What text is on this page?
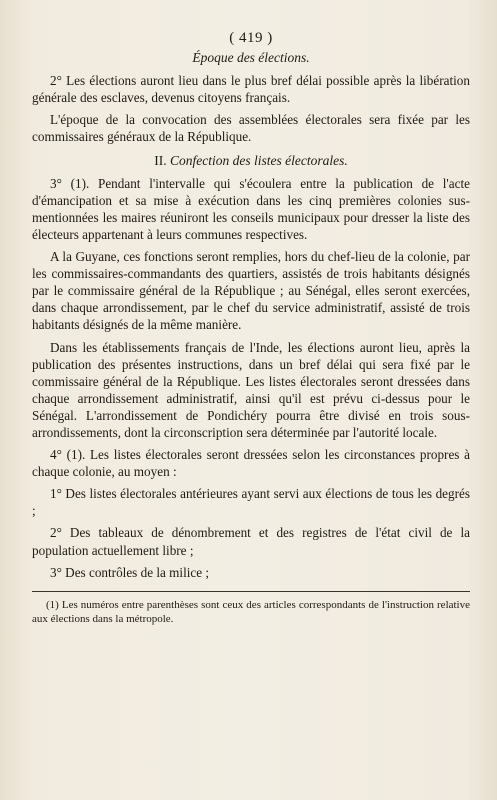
( 419 )
Époque des élections.

2° Les élections auront lieu dans le plus bref délai possible après la libération générale des esclaves, devenus citoyens français.

L'époque de la convocation des assemblées électorales sera fixée par les commissaires généraux de la République.

II. Confection des listes électorales.

3° (1). Pendant l'intervalle qui s'écoulera entre la publication de l'acte d'émancipation et sa mise à exécution dans les cinq premières colonies sus-mentionnées les maires réuniront les conseils municipaux pour dresser la liste des électeurs appartenant à leurs communes respectives.

A la Guyane, ces fonctions seront remplies, hors du chef-lieu de la colonie, par les commissaires-commandants des quartiers, assistés de trois habitants désignés par le commissaire général de la République ; au Sénégal, elles seront exercées, dans chaque arrondissement, par le chef du service administratif, assisté de trois habitants désignés de la même manière.

Dans les établissements français de l'Inde, les élections auront lieu, après la publication des présentes instructions, dans un bref délai qui sera fixé par le commissaire général de la République. Les listes électorales seront dressées dans chaque arrondissement administratif, ainsi qu'il est prévu ci-dessus pour le Sénégal. L'arrondissement de Pondichéry pourra être divisé en trois sous-arrondissements, dont la circonscription sera déterminée par l'autorité locale.

4° (1). Les listes électorales seront dressées selon les circonstances propres à chaque colonie, au moyen :

1° Des listes électorales antérieures ayant servi aux élections de tous les degrés ;

2° Des tableaux de dénombrement et des registres de l'état civil de la population actuellement libre ;

3° Des contrôles de la milice ;

(1) Les numéros entre parenthèses sont ceux des articles correspondants de l'instruction relative aux élections dans la métropole.
